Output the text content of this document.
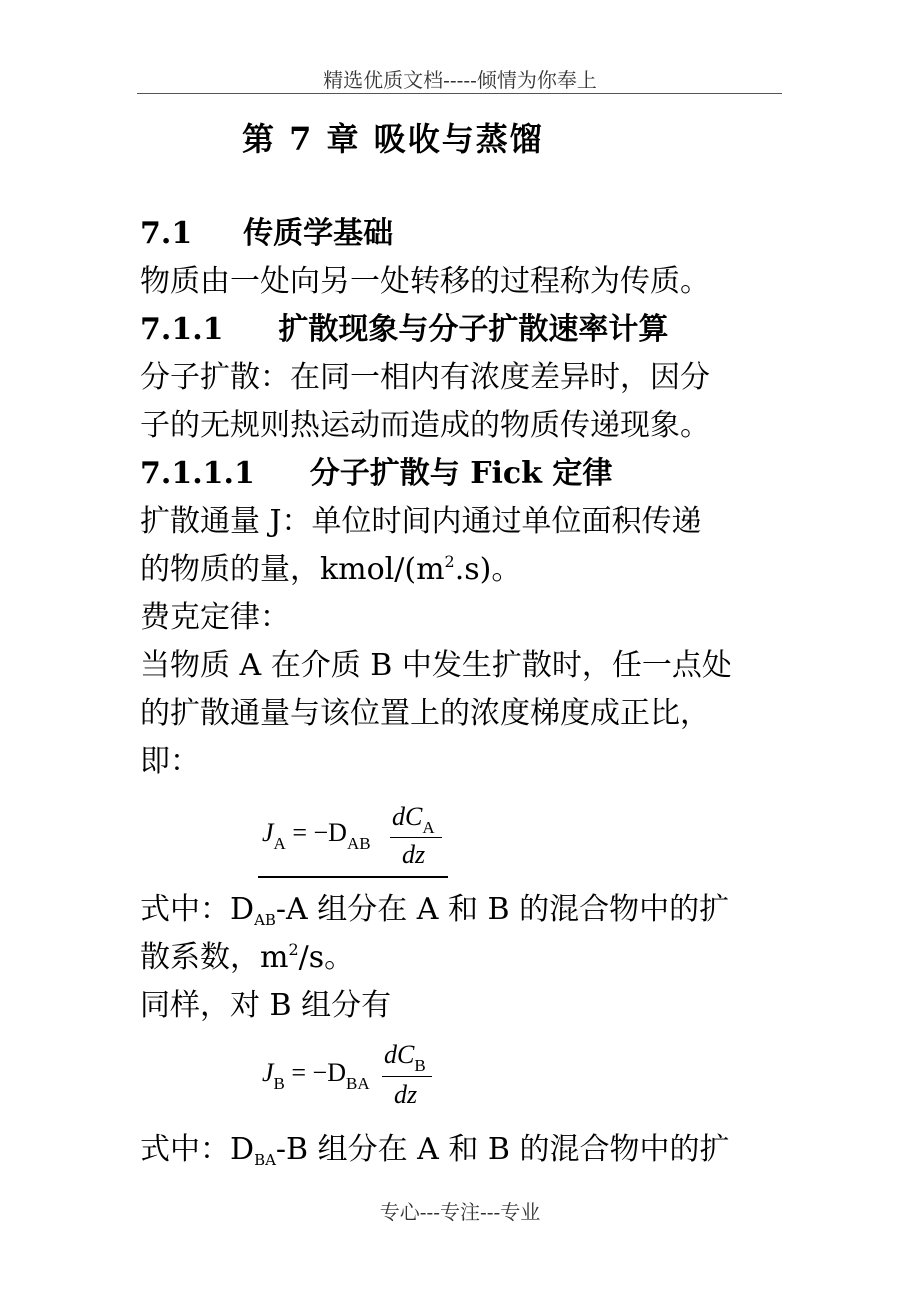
精选优质文档-----倾情为你奉上
第 7 章 吸收与蒸馏
7.1 传质学基础
物质由一处向另一处转移的过程称为传质。
7.1.1 扩散现象与分子扩散速率计算
分子扩散：在同一相内有浓度差异时，因分
子的无规则热运动而造成的物质传递现象。
7.1.1.1 分子扩散与 Fick 定律
扩散通量 J：单位时间内通过单位面积传递
的物质的量，kmol/$(m^2.s)$。
费克定律：
当物质 A 在介质 B 中发生扩散时，任一点处
的扩散通量与该位置上的浓度梯度成正比，
即：
$J_A = -D_{AB}$
$dC_A$
dz
式中：$D_{AB}-A$ 组分在 A 和 B 的混合物中的扩
散系数，$m^2/s$。
同样，对 B 组分有
$J_B = -D_{BA}$
$dC_B$
dz
式中：$D_{BA}-B$ 组分在 A 和 B 的混合物中的扩
专心---专注---专业
